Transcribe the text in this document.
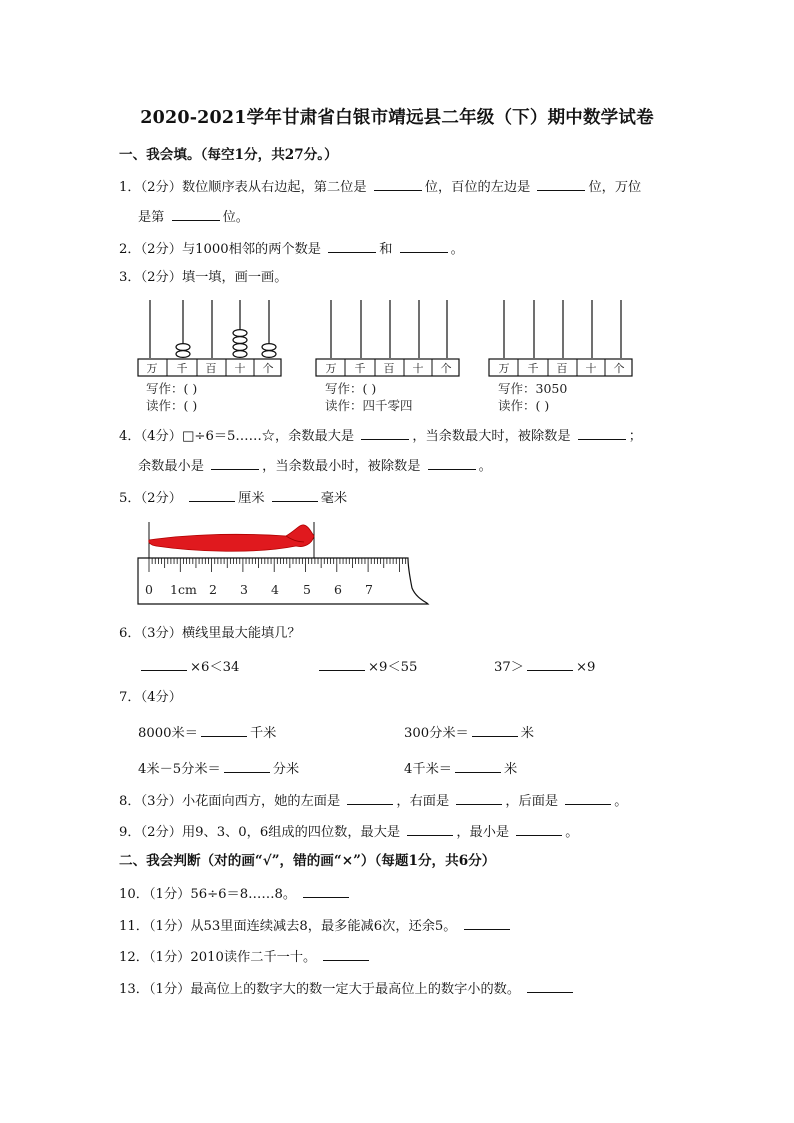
2020-2021学年甘肃省白银市靖远县二年级（下）期中数学试卷
一、我会填。（每空1分，共27分。）
1．（2分）数位顺序表从右边起，第二位是	位，百位的左边是	位，万位
是第	位。
2．（2分）与1000相邻的两个数是	和	。
3．（2分）填一填，画一画。
万 千 百 十 个
写作：( )
读作：( )
万 千 百 十 个
写作：( )
读作：四千零四
万 千 百 十 个
写作：3050
读作：( )
4．（4分）□÷6＝5……☆，余数最大是	，当余数最大时，被除数是	；
余数最小是	，当余数最小时，被除数是	。
5．（2分）	厘米	毫米
0 1cm 2 3 4 5 6 7
6．（3分）横线里最大能填几？
×6＜34	×9＜55	37＞	×9
7．（4分）
8000米＝	千米	300分米＝	米
4米－5分米＝	分米	4千米＝	米
8．（3分）小花面向西方，她的左面是	，右面是	，后面是	。
9．（2分）用9、3、0，6组成的四位数，最大是	，最小是	。
二、我会判断（对的画“√”，错的画“×”）（每题1分，共6分）
10．（1分）56÷6＝8……8。
11．（1分）从53里面连续减去8，最多能减6次，还余5。
12．（1分）2010读作二千一十。
13．（1分）最高位上的数字大的数一定大于最高位上的数字小的数。
